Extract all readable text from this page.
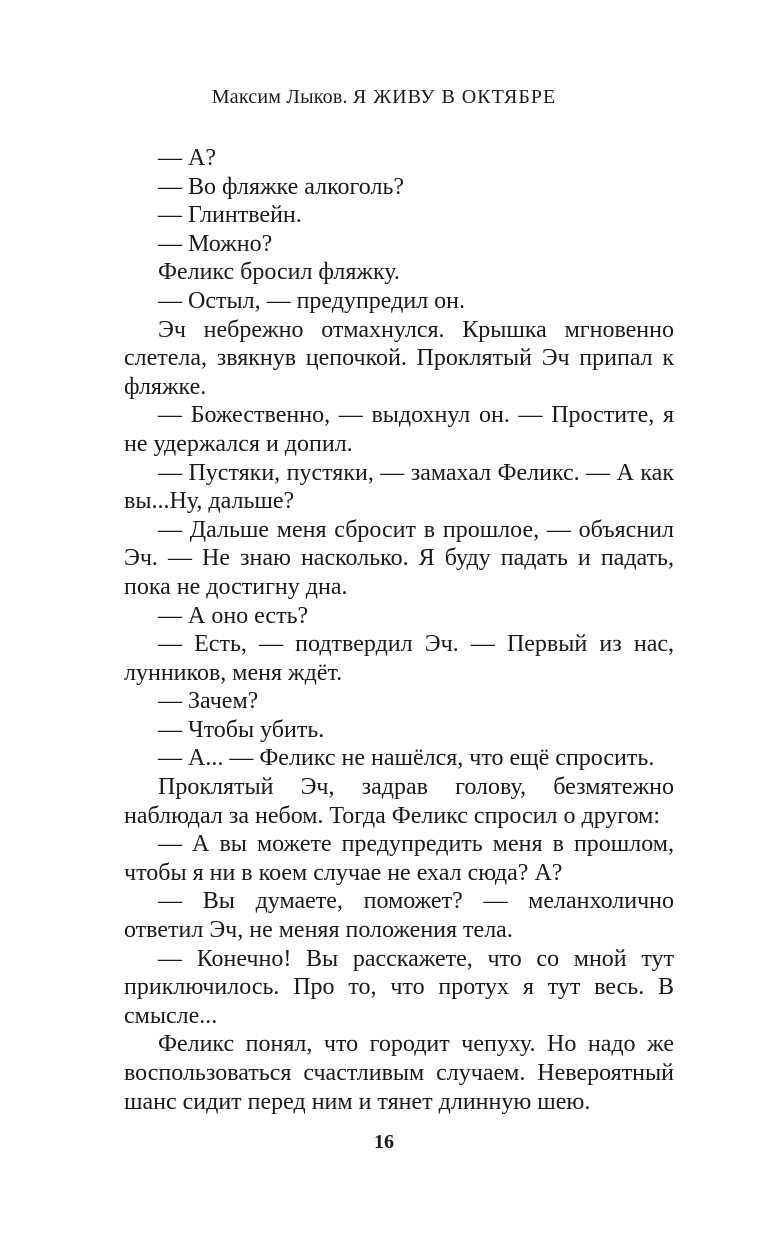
Максим Лыков. Я ЖИВУ В ОКТЯБРЕ

— А?

— Во фляжке алкоголь?

— Глинтвейн.

— Можно?

Феликс бросил фляжку.

— Остыл, — предупредил он.

Эч небрежно отмахнулся. Крышка мгновенно слетела, звякнув цепочкой. Проклятый Эч припал к фляжке.

— Божественно, — выдохнул он. — Простите, я не удержался и допил.

— Пустяки, пустяки, — замахал Феликс. — А как вы...Ну, дальше?

— Дальше меня сбросит в прошлое, — объяснил Эч. — Не знаю насколько. Я буду падать и падать, пока не достигну дна.

— А оно есть?

— Есть, — подтвердил Эч. — Первый из нас, лунников, меня ждёт.

— Зачем?

— Чтобы убить.

— А... — Феликс не нашёлся, что ещё спросить.

Проклятый Эч, задрав голову, безмятежно наблюдал за небом. Тогда Феликс спросил о другом:

— А вы можете предупредить меня в прошлом, чтобы я ни в коем случае не ехал сюда? А?

— Вы думаете, поможет? — меланхолично ответил Эч, не меняя положения тела.

— Конечно! Вы расскажете, что со мной тут приключилось. Про то, что протух я тут весь. В смысле...

Феликс понял, что городит чепуху. Но надо же воспользоваться счастливым случаем. Невероятный шанс сидит перед ним и тянет длинную шею.

16
